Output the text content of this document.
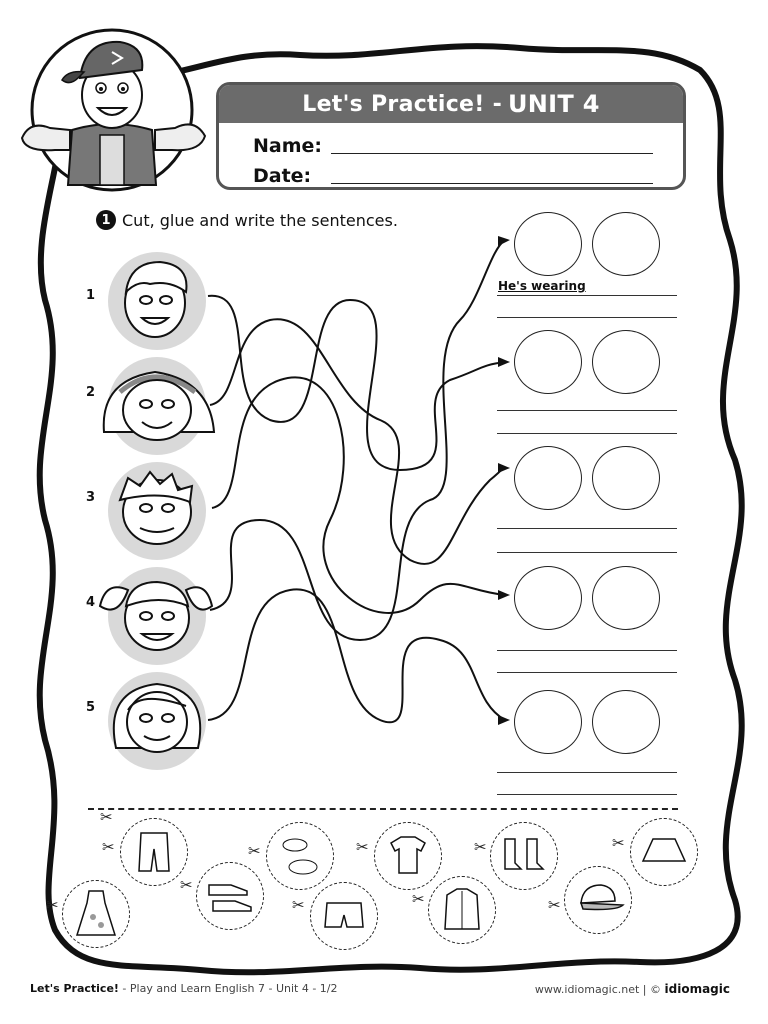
Let's Practice! - UNIT 4
Name:
Date:
1 Cut, glue and write the sentences.
1
2
3
4
5
He's wearing
✂
✂	✂	✂	✂	✂
✂
✂
✂	✂	✂
Let's Practice! - Play and Learn English 7 - Unit 4 - 1/2	www.idiomagic.net | © idiomagic
